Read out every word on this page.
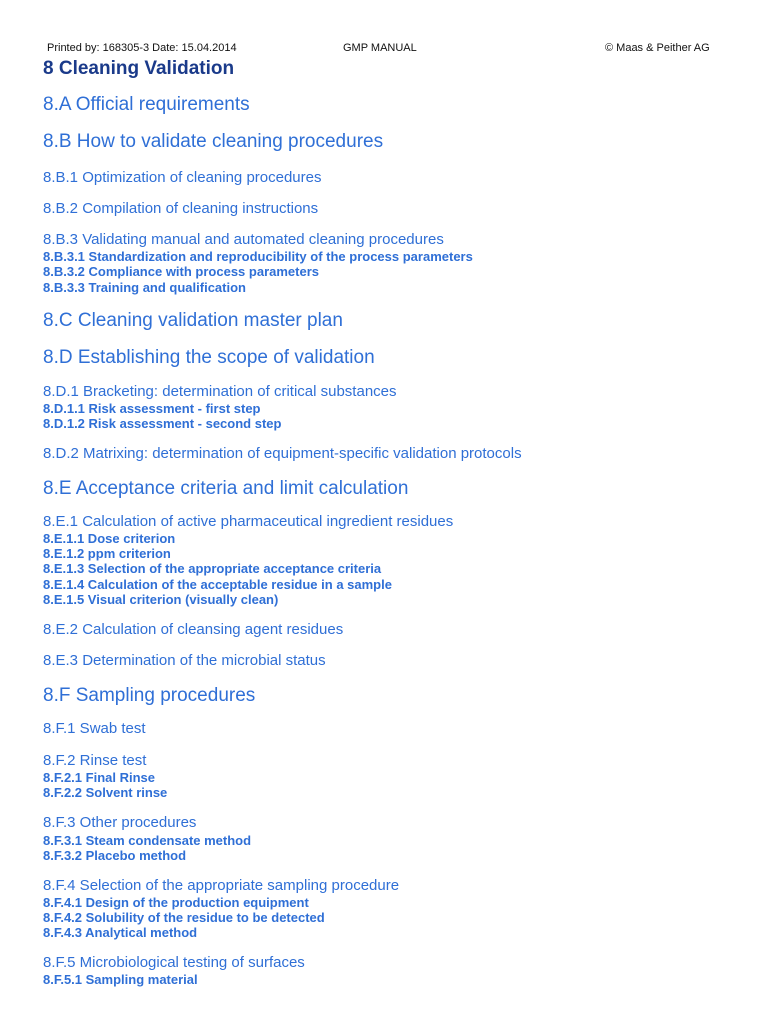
Printed by: 168305-3 Date: 15.04.2014	GMP MANUAL	© Maas & Peither AG
8 Cleaning Validation
8.A Official requirements
8.B How to validate cleaning procedures
8.B.1 Optimization of cleaning procedures
8.B.2 Compilation of cleaning instructions
8.B.3 Validating manual and automated cleaning procedures
8.B.3.1 Standardization and reproducibility of the process parameters
8.B.3.2 Compliance with process parameters
8.B.3.3 Training and qualification
8.C Cleaning validation master plan
8.D Establishing the scope of validation
8.D.1 Bracketing: determination of critical substances
8.D.1.1 Risk assessment - first step
8.D.1.2 Risk assessment - second step
8.D.2 Matrixing: determination of equipment-specific validation protocols
8.E Acceptance criteria and limit calculation
8.E.1 Calculation of active pharmaceutical ingredient residues
8.E.1.1 Dose criterion
8.E.1.2 ppm criterion
8.E.1.3 Selection of the appropriate acceptance criteria
8.E.1.4 Calculation of the acceptable residue in a sample
8.E.1.5 Visual criterion (visually clean)
8.E.2 Calculation of cleansing agent residues
8.E.3 Determination of the microbial status
8.F Sampling procedures
8.F.1 Swab test
8.F.2 Rinse test
8.F.2.1 Final Rinse
8.F.2.2 Solvent rinse
8.F.3 Other procedures
8.F.3.1 Steam condensate method
8.F.3.2 Placebo method
8.F.4 Selection of the appropriate sampling procedure
8.F.4.1 Design of the production equipment
8.F.4.2 Solubility of the residue to be detected
8.F.4.3 Analytical method
8.F.5 Microbiological testing of surfaces
8.F.5.1 Sampling material
